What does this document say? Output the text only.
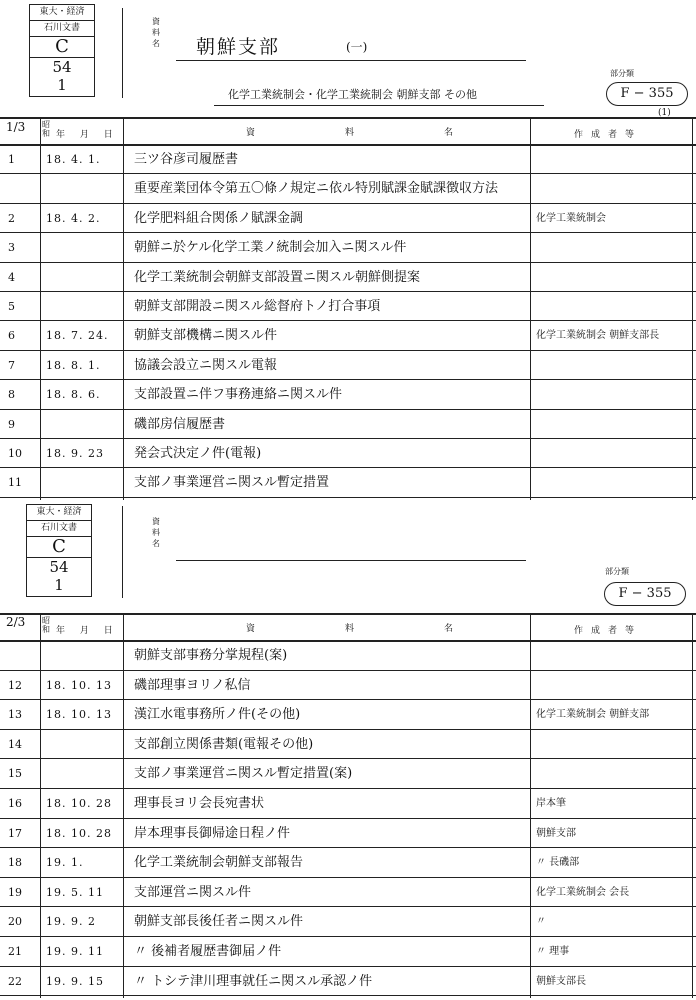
東大・経済
石川文書
C
54
1
資料名 朝鮮支部	(一)
部分類
F − 355
(1)
化学工業統制会・化学工業統制会 朝鮮支部 その他
1/3 昭和 年 月 日	資料名	作成者等
1	18. 4. 1.	三ツ谷彦司履歴書
重要産業団体令第五〇條ノ規定ニ依ル特別賦課金賦課徴収方法
2	18. 4. 2.	化学肥料組合関係ノ賦課金調	化学工業統制会
3	朝鮮ニ於ケル化学工業ノ統制会加入ニ関スル件
4	化学工業統制会朝鮮支部設置ニ関スル朝鮮側提案
5	朝鮮支部開設ニ関スル総督府トノ打合事項
6	18. 7. 24. 朝鮮支部機構ニ関スル件	化学工業統制会 朝鮮支部長
7	18. 8. 1.	協議会設立ニ関スル電報
8	18. 8. 6.	支部設置ニ伴フ事務連絡ニ関スル件
9	磯部房信履歴書
10 18. 9. 23 発会式決定ノ件(電報)
11	支部ノ事業運営ニ関スル暫定措置
東大・経済
石川文書
C
54
1
資料名
部分類
F − 355
2/3 昭和 年 月 日	資料名	作成者等
朝鮮支部事務分掌規程(案)
12 18. 10. 13 磯部理事ヨリノ私信
13 18. 10. 13 漢江水電事務所ノ件(その他)	化学工業統制会 朝鮮支部
14	支部創立関係書類(電報その他)
15	支部ノ事業運営ニ関スル暫定措置(案)
16 18. 10. 28 理事長ヨリ会長宛書状	岸本筆
17 18. 10. 28 岸本理事長御帰途日程ノ件	朝鮮支部
18 19. 1.	化学工業統制会朝鮮支部報告	〃 長磯部
19 19. 5. 11 支部運営ニ関スル件	化学工業統制会 会長
20 19. 9. 2	朝鮮支部長後任者ニ関スル件	〃
21 19. 9. 11 〃 後補者履歴書御届ノ件	〃 理事
22 19. 9. 15 〃 トシテ津川理事就任ニ関スル承認ノ件	朝鮮支部長
